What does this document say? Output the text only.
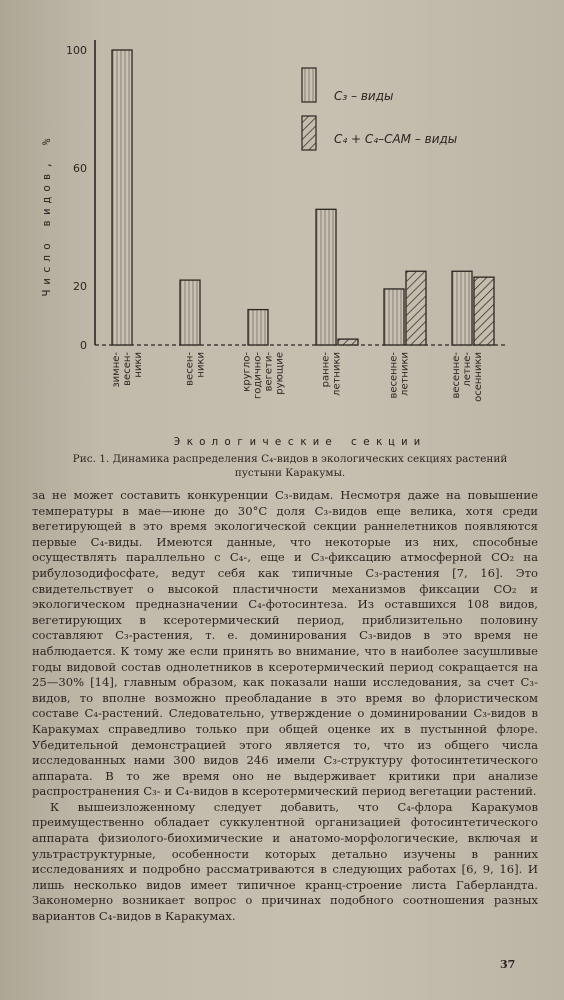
0
20
60
100
Число видов, %
зимне-весен-ники	весен-ники	кругло-годично-вегети-рующие	ранне-летники	весенне-летники	весенне-летне-осенники
Экологические секции
C₃ – виды
C₄ + C₄–CAM – виды
Рис. 1. Динамика распределения C₄-видов в экологических секциях растений
пустыни Каракумы.

за не может составить конкуренции C₃-видам. Несмотря даже на повышение температуры в мае—июне до 30°C доля C₃-видов еще велика, хотя среди вегетирующей в это время экологической секции раннелетников появляются первые C₄-виды. Имеются данные, что некоторые из них, способные осуществлять параллельно с C₄-, еще и C₃-фиксацию атмосферной CO₂ на рибулозодифосфате, ведут себя как типичные C₃-растения [7, 16]. Это свидетельствует о высокой пластичности механизмов фиксации CO₂ и экологическом предназначении C₄-фотосинтеза. Из оставшихся 108 видов, вегетирующих в ксеротермический период, приблизительно половину составляют C₃-растения, т. е. доминирования C₃-видов в это время не наблюдается. К тому же если принять во внимание, что в наиболее засушливые годы видовой состав однолетников в ксеротермический период сокращается на 25—30% [14], главным образом, как показали наши исследования, за счет C₃-видов, то вполне возможно преобладание в это время во флористическом составе C₄-растений. Следовательно, утверждение о доминировании C₃-видов в Каракумах справедливо только при общей оценке их в пустынной флоре. Убедительной демонстрацией этого является то, что из общего числа исследованных нами 300 видов 246 имели C₃-структуру фотосинтетического аппарата. В то же время оно не выдерживает критики при анализе распространения C₃- и C₄-видов в ксеротермический период вегетации растений.

К вышеизложенному следует добавить, что C₄-флора Каракумов преимущественно обладает суккулентной организацией фотосинтетического аппарата физиолого-биохимические и анатомо-морфологические, включая и ультраструктурные, особенности которых детально изучены в ранних исследованиях и подробно рассматриваются в следующих работах [6, 9, 16]. И лишь несколько видов имеет типичное кранц-строение листа Габерландта. Закономерно возникает вопрос о причинах подобного соотношения разных вариантов C₄-видов в Каракумах.

37
